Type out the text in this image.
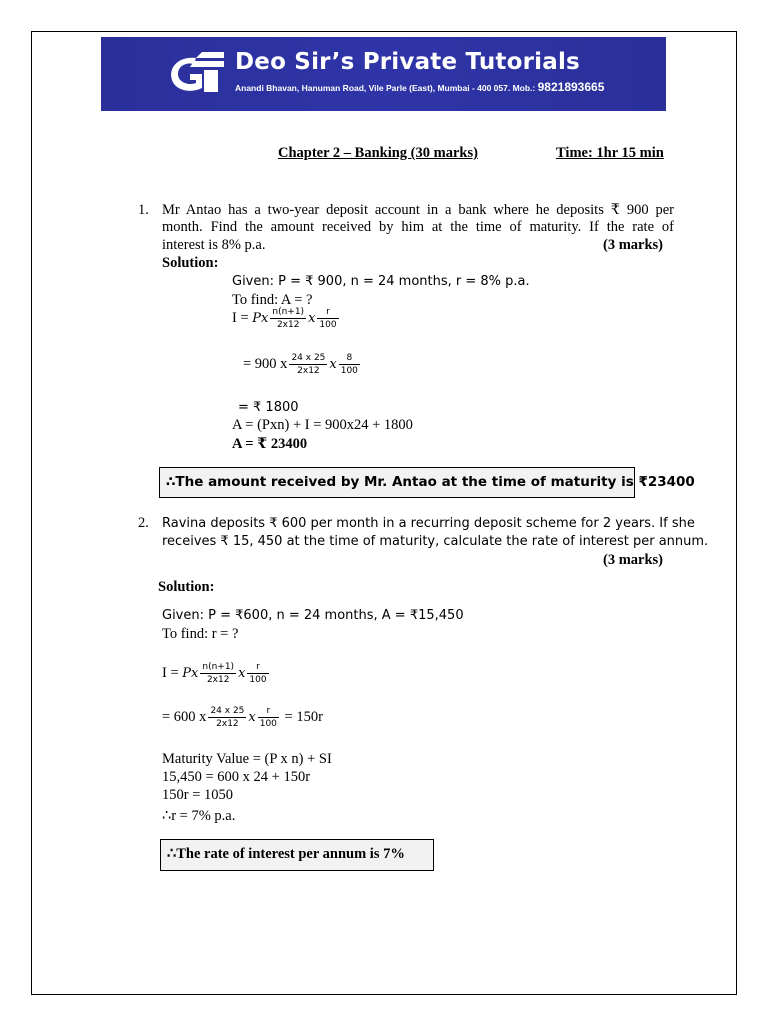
Deo Sir’s Private Tutorials
Anandi Bhavan, Hanuman Road, Vile Parle (East), Mumbai - 400 057. Mob.: 9821893665
Chapter 2 – Banking (30 marks)	Time: 1hr 15 min
1. Mr Antao has a two-year deposit account in a bank where he deposits ₹ 900 per
month. Find the amount received by him at the time of maturity. If the rate of
interest is 8% p.a.	(3 marks)
Solution:
Given: P = ₹ 900, n = 24 months, r = 8% p.a.
To find: A = ?
I = Px $\frac{n(n+1)}{2x12}$ x $\frac{r}{100}$
= 900 x $\frac{24 x 25}{2x12}$ x $\frac{8}{100}$
= ₹ 1800
A = (Pxn) + I = 900x24 + 1800
A = ₹ 23400
∴The amount received by Mr. Antao at the time of maturity is ₹23400
2. Ravina deposits ₹ 600 per month in a recurring deposit scheme for 2 years. If she
receives ₹ 15, 450 at the time of maturity, calculate the rate of interest per annum.
(3 marks)
Solution:
Given: P = ₹600, n = 24 months, A = ₹15,450
To find: r = ?
I = Px $\frac{n(n+1)}{2x12}$ x $\frac{r}{100}$
= 600 x $\frac{24 x 25}{2x12}$ x $\frac{r}{100} = 150r$
Maturity Value = (P x n) + SI
15,450 = 600 x 24 + 150r
150r = 1050
∴r = 7% p.a.
∴The rate of interest per annum is 7%
